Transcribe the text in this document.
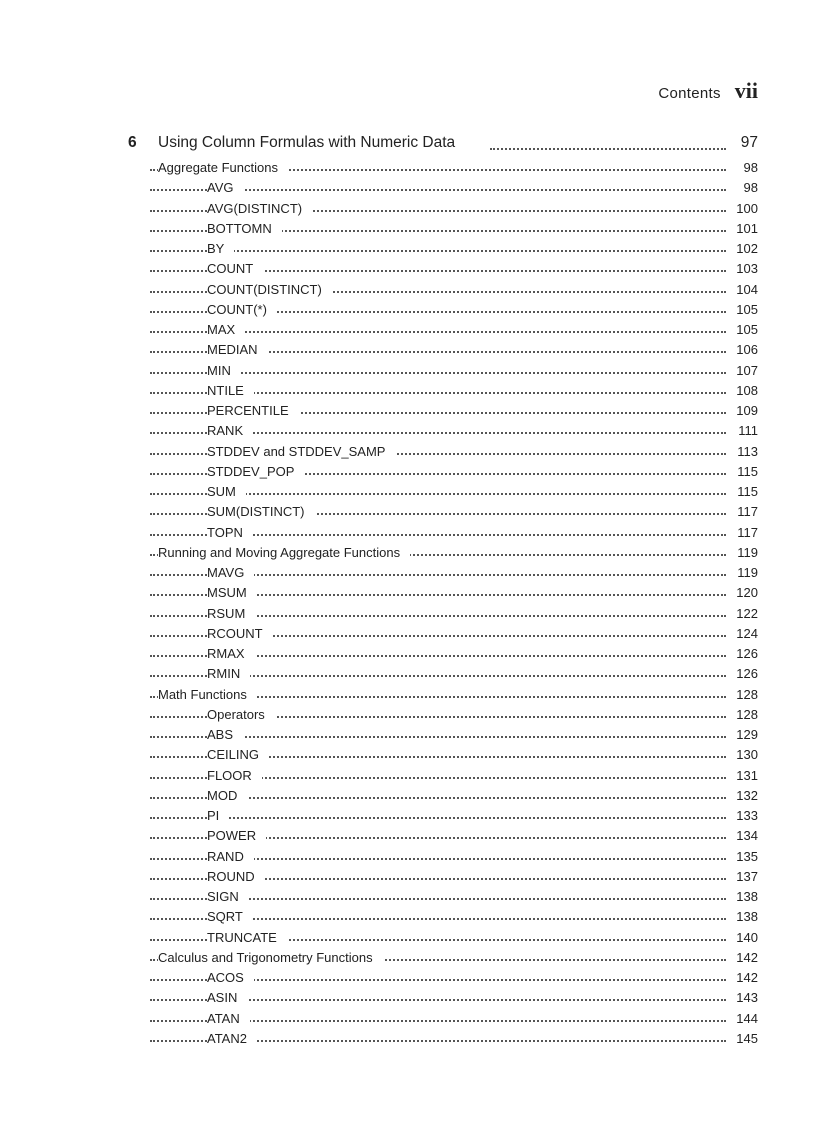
Contents vii
6 Using Column Formulas with Numeric Data	97
Aggregate Functions	98
AVG	98
AVG(DISTINCT)	100
BOTTOMN	101
BY	102
COUNT	103
COUNT(DISTINCT)	104
COUNT(*)	105
MAX	105
MEDIAN	106
MIN	107
NTILE	108
PERCENTILE	109
RANK	111
STDDEV and STDDEV_SAMP	113
STDDEV_POP	115
SUM	115
SUM(DISTINCT)	117
TOPN	117
Running and Moving Aggregate Functions	119
MAVG	119
MSUM	120
RSUM	122
RCOUNT	124
RMAX	126
RMIN	126
Math Functions	128
Operators	128
ABS	129
CEILING	130
FLOOR	131
MOD	132
PI	133
POWER	134
RAND	135
ROUND	137
SIGN	138
SQRT	138
TRUNCATE	140
Calculus and Trigonometry Functions	142
ACOS	142
ASIN	143
ATAN	144
ATAN2	145
